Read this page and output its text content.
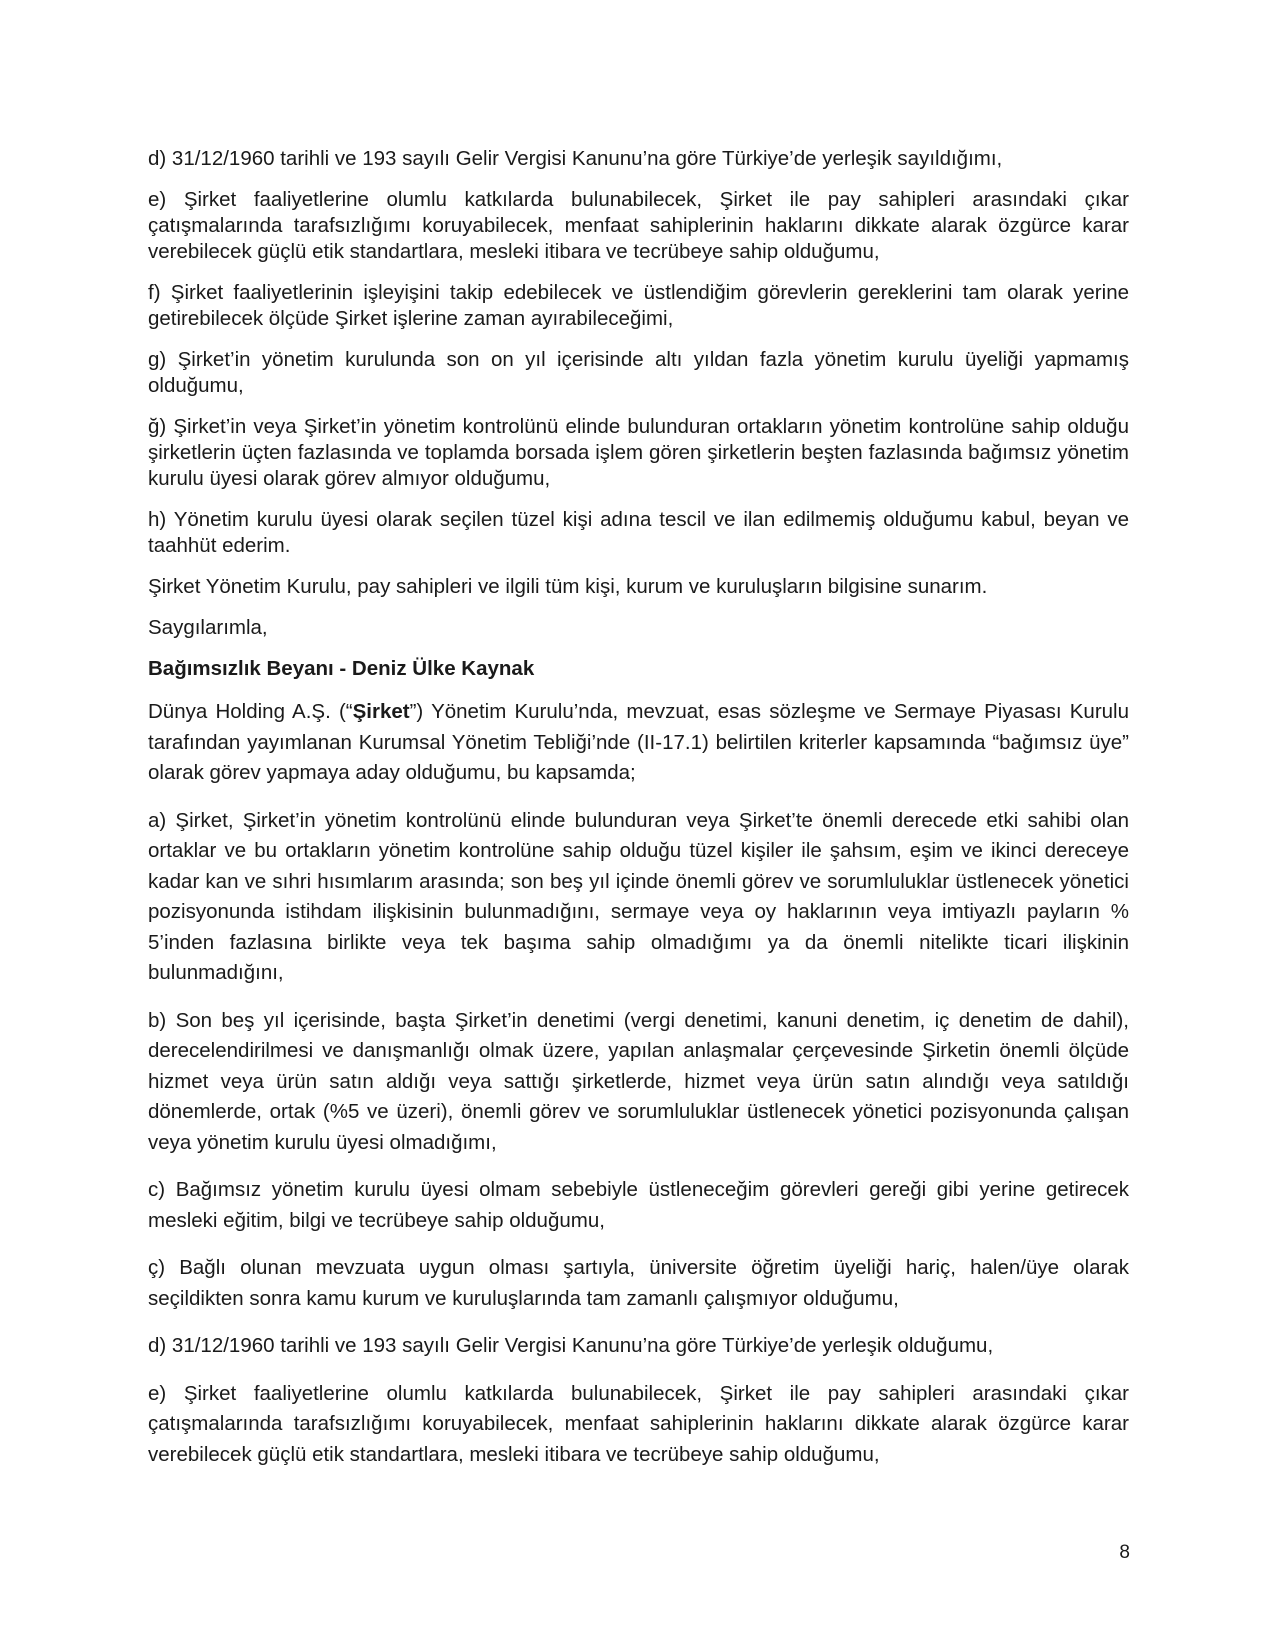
d) 31/12/1960 tarihli ve 193 sayılı Gelir Vergisi Kanunu’na göre Türkiye’de yerleşik sayıldığımı,

e) Şirket faaliyetlerine olumlu katkılarda bulunabilecek, Şirket ile pay sahipleri arasındaki çıkar çatışmalarında tarafsızlığımı koruyabilecek, menfaat sahiplerinin haklarını dikkate alarak özgürce karar verebilecek güçlü etik standartlara, mesleki itibara ve tecrübeye sahip olduğumu,

f) Şirket faaliyetlerinin işleyişini takip edebilecek ve üstlendiğim görevlerin gereklerini tam olarak yerine getirebilecek ölçüde Şirket işlerine zaman ayırabileceğimi,

g) Şirket’in yönetim kurulunda son on yıl içerisinde altı yıldan fazla yönetim kurulu üyeliği yapmamış olduğumu,

ğ) Şirket’in veya Şirket’in yönetim kontrolünü elinde bulunduran ortakların yönetim kontrolüne sahip olduğu şirketlerin üçten fazlasında ve toplamda borsada işlem gören şirketlerin beşten fazlasında bağımsız yönetim kurulu üyesi olarak görev almıyor olduğumu,

h) Yönetim kurulu üyesi olarak seçilen tüzel kişi adına tescil ve ilan edilmemiş olduğumu kabul, beyan ve taahhüt ederim.

Şirket Yönetim Kurulu, pay sahipleri ve ilgili tüm kişi, kurum ve kuruluşların bilgisine sunarım.

Saygılarımla,

Bağımsızlık Beyanı - Deniz Ülke Kaynak

Dünya Holding A.Ş. (“Şirket”) Yönetim Kurulu’nda, mevzuat, esas sözleşme ve Sermaye Piyasası Kurulu tarafından yayımlanan Kurumsal Yönetim Tebliği’nde (II-17.1) belirtilen kriterler kapsamında “bağımsız üye” olarak görev yapmaya aday olduğumu, bu kapsamda;

a) Şirket, Şirket’in yönetim kontrolünü elinde bulunduran veya Şirket’te önemli derecede etki sahibi olan ortaklar ve bu ortakların yönetim kontrolüne sahip olduğu tüzel kişiler ile şahsım, eşim ve ikinci dereceye kadar kan ve sıhri hısımlarım arasında; son beş yıl içinde önemli görev ve sorumluluklar üstlenecek yönetici pozisyonunda istihdam ilişkisinin bulunmadığını, sermaye veya oy haklarının veya imtiyazlı payların % 5’inden fazlasına birlikte veya tek başıma sahip olmadığımı ya da önemli nitelikte ticari ilişkinin bulunmadığını,

b) Son beş yıl içerisinde, başta Şirket’in denetimi (vergi denetimi, kanuni denetim, iç denetim de dahil), derecelendirilmesi ve danışmanlığı olmak üzere, yapılan anlaşmalar çerçevesinde Şirketin önemli ölçüde hizmet veya ürün satın aldığı veya sattığı şirketlerde, hizmet veya ürün satın alındığı veya satıldığı dönemlerde, ortak (%5 ve üzeri), önemli görev ve sorumluluklar üstlenecek yönetici pozisyonunda çalışan veya yönetim kurulu üyesi olmadığımı,

c) Bağımsız yönetim kurulu üyesi olmam sebebiyle üstleneceğim görevleri gereği gibi yerine getirecek mesleki eğitim, bilgi ve tecrübeye sahip olduğumu,

ç) Bağlı olunan mevzuata uygun olması şartıyla, üniversite öğretim üyeliği hariç, halen/üye olarak seçildikten sonra kamu kurum ve kuruluşlarında tam zamanlı çalışmıyor olduğumu,

d) 31/12/1960 tarihli ve 193 sayılı Gelir Vergisi Kanunu’na göre Türkiye’de yerleşik olduğumu,

e) Şirket faaliyetlerine olumlu katkılarda bulunabilecek, Şirket ile pay sahipleri arasındaki çıkar çatışmalarında tarafsızlığımı koruyabilecek, menfaat sahiplerinin haklarını dikkate alarak özgürce karar verebilecek güçlü etik standartlara, mesleki itibara ve tecrübeye sahip olduğumu,

8
